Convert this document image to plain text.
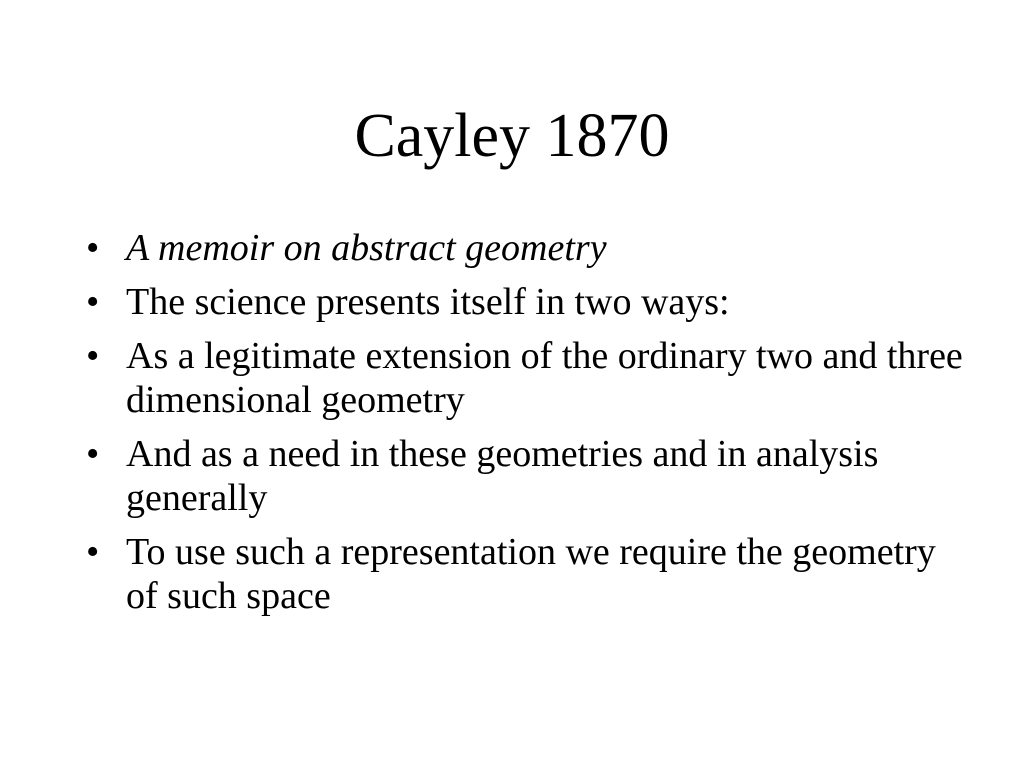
Cayley 1870
• A memoir on abstract geometry
• The science presents itself in two ways:
• As a legitimate extension of the ordinary two and three dimensional geometry
• And as a need in these geometries and in analysis generally
• To use such a representation we require the geometry of such space
